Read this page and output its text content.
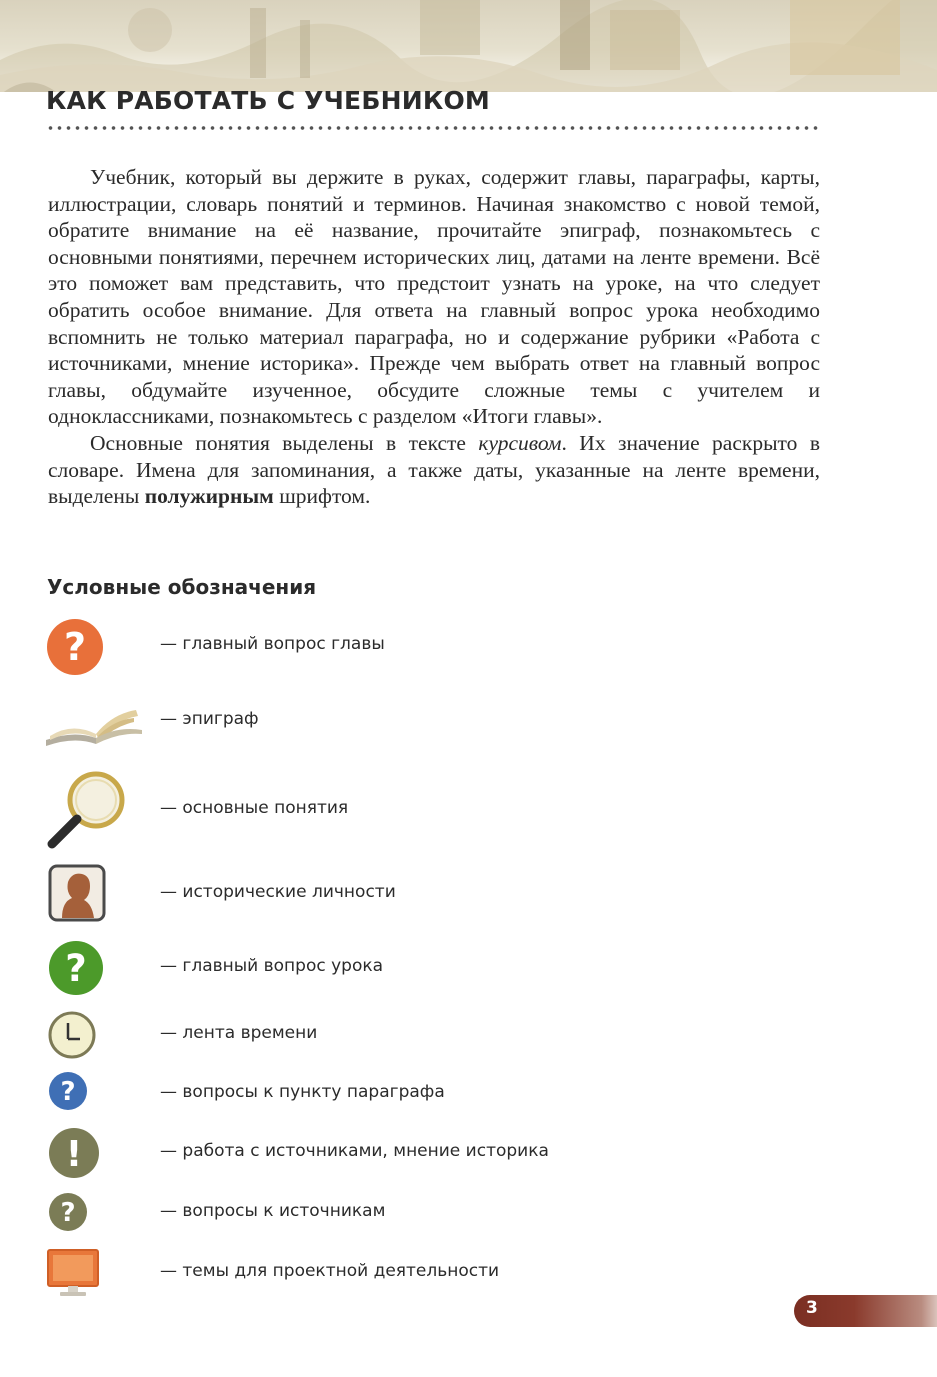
КАК РАБОТАТЬ С УЧЕБНИКОМ

Учебник, который вы держите в руках, содержит главы, параграфы, карты, иллюстрации, словарь понятий и терминов. Начиная знакомство с новой темой, обратите внимание на её название, прочитайте эпиграф, познакомьтесь с основными понятиями, перечнем исторических лиц, датами на ленте времени. Всё это поможет вам представить, что предстоит узнать на уроке, на что следует обратить особое внимание. Для ответа на главный вопрос урока необходимо вспомнить не только материал параграфа, но и содержание рубрики «Работа с источниками, мнение историка». Прежде чем выбрать ответ на главный вопрос главы, обдумайте изученное, обсудите сложные темы с учителем и одноклассниками, познакомьтесь с разделом «Итоги главы».

Основные понятия выделены в тексте курсивом. Их значение раскрыто в словаре. Имена для запоминания, а также даты, указанные на ленте времени, выделены полужирным шрифтом.

Условные обозначения
?
?
?
!
?
— главный вопрос главы
— эпиграф
— основные понятия
— исторические личности
— главный вопрос урока
— лента времени
— вопросы к пункту параграфа
— работа с источниками, мнение историка
— вопросы к источникам
— темы для проектной деятельности
3
